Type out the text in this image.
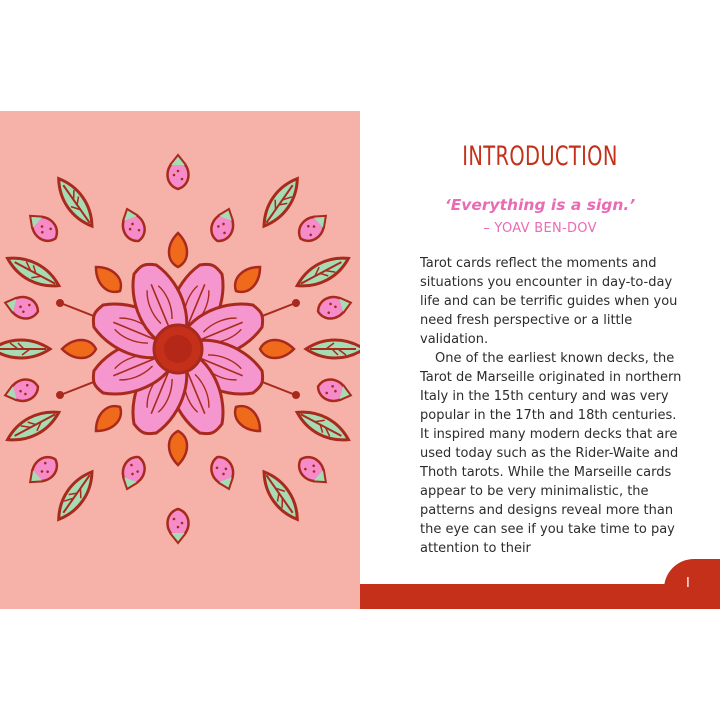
INTRODUCTION
‘Everything is a sign.’
– YOAV BEN-DOV

Tarot cards reflect the moments and situations you encounter in day-to-day life and can be terrific guides when you need fresh perspective or a little validation.

One of the earliest known decks, the Tarot de Marseille originated in northern Italy in the 15th century and was very popular in the 17th and 18th centuries. It inspired many modern decks that are used today such as the Rider-Waite and Thoth tarots. While the Marseille cards appear to be very minimalistic, the patterns and designs reveal more than the eye can see if you take time to pay attention to their

I
